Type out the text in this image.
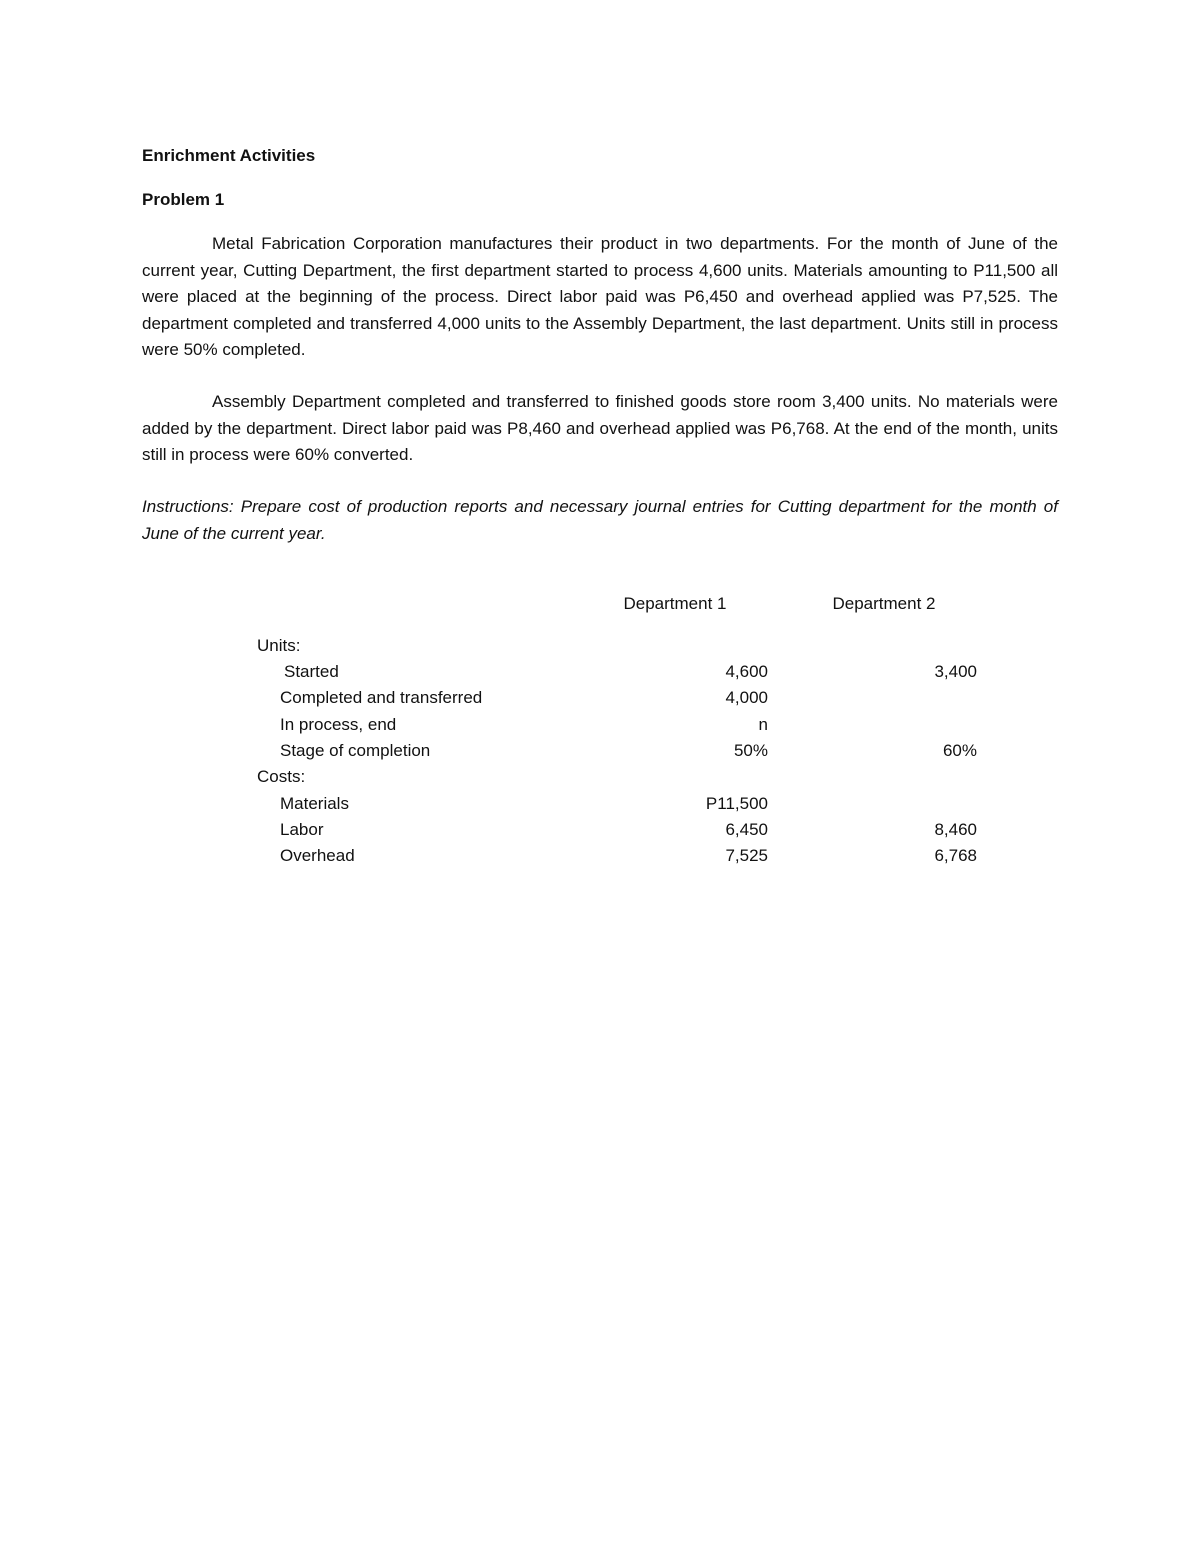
Enrichment Activities
Problem 1
Metal Fabrication Corporation manufactures their product in two departments. For the month of June of the current year, Cutting Department, the first department started to process 4,600 units. Materials amounting to P11,500 all were placed at the beginning of the process. Direct labor paid was P6,450 and overhead applied was P7,525. The department completed and transferred 4,000 units to the Assembly Department, the last department. Units still in process were 50% completed.
Assembly Department completed and transferred to finished goods store room 3,400 units. No materials were added by the department. Direct labor paid was P8,460 and overhead applied was P6,768. At the end of the month, units still in process were 60% converted.
Instructions: Prepare cost of production reports and necessary journal entries for Cutting department for the month of June of the current year.
Department 1	Department 2
Units:
Started	4,600	3,400
Completed and transferred	4,000
In process, end	n
Stage of completion	50%	60%
Costs:
Materials	P11,500
Labor	6,450	8,460
Overhead	7,525	6,768
